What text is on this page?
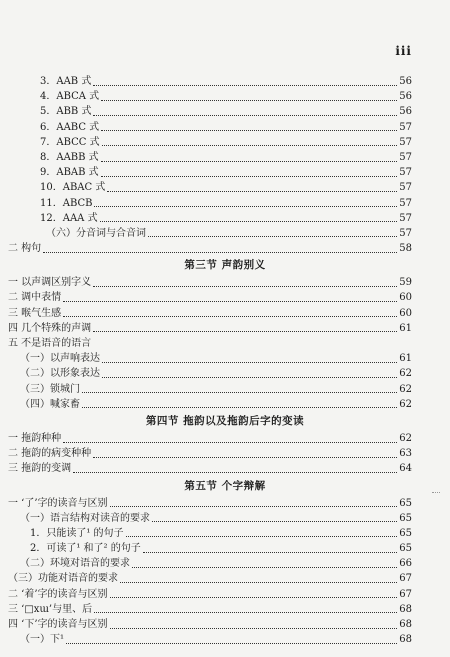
iii
3．AAB 式	56
4．ABCA 式	56
5．ABB 式	56
6．AABC 式	57
7．ABCC 式	57
8．AABB 式	57
9．ABAB 式	57
10．ABAC 式	57
11．ABCB	57
12．AAA 式	57
（六）分音词与合音词	57
二 构句	58
第三节 声韵别义
一 以声调区别字义	59
二 调中表情	60
三 喉气生感	60
四 几个特殊的声调	61
五 不是语音的语言
（一）以声响表达	61
（二）以形象表达	62
（三）锁城门	62
（四）喊家畜	62
第四节 拖韵以及拖韵后字的变读
一 拖韵种种	62
二 拖韵的病变种种	63
三 拖韵的变调	64
第五节 个字辩解
一 ‘了’字的读音与区别	65
（一）语言结构对读音的要求	65
1．只能读了¹ 的句子	65
2．可读了¹ 和了² 的句子	65
（二）环境对语音的要求	66
（三）功能对语音的要求	67
二 ‘着’字的读音与区别	67
三 ‘□xɯ’与里、后	68
四 ‘下’字的读音与区别	68
（一）下¹	68
